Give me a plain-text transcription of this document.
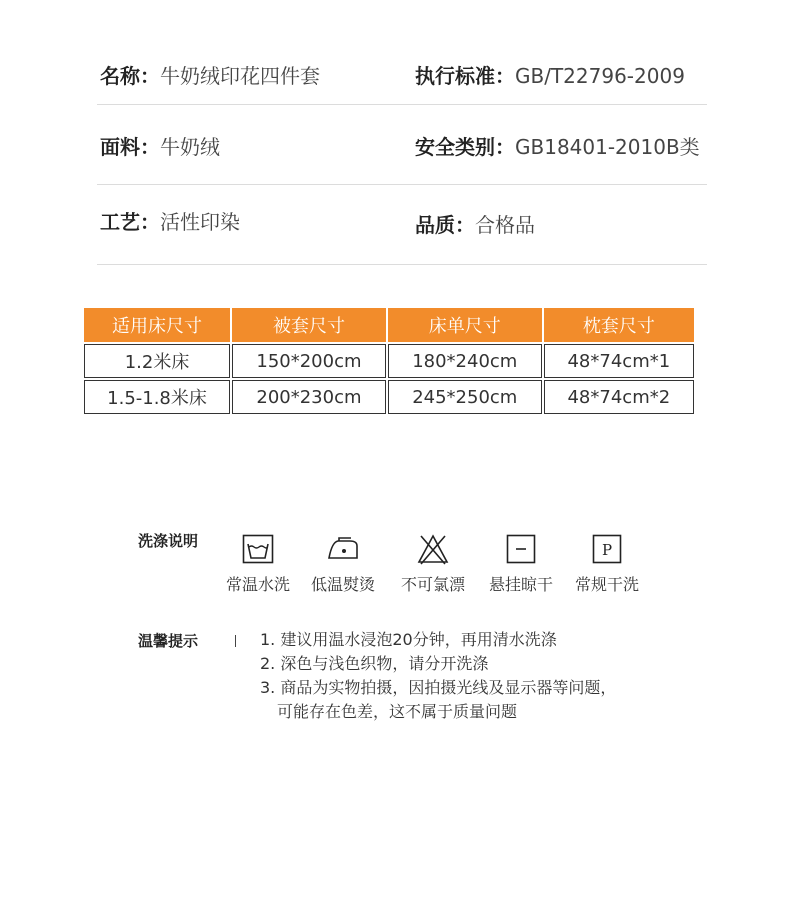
名称：牛奶绒印花四件套	执行标准：GB/T22796-2009
面料：牛奶绒	安全类别：GB18401-2010B类
工艺：活性印染	品质：合格品
适用床尺寸	被套尺寸	床单尺寸	枕套尺寸
1.2米床	150*200cm	180*240cm	48*74cm*1
1.5-1.8米床	200*230cm	245*250cm	48*74cm*2
洗涤说明
常温水洗	低温熨烫	不可氯漂	悬挂晾干
P
常规干洗
温馨提示	1. 建议用温水浸泡20分钟，再用清水洗涤
2. 深色与浅色织物，请分开洗涤
3. 商品为实物拍摄，因拍摄光线及显示器等问题，
可能存在色差，这不属于质量问题
